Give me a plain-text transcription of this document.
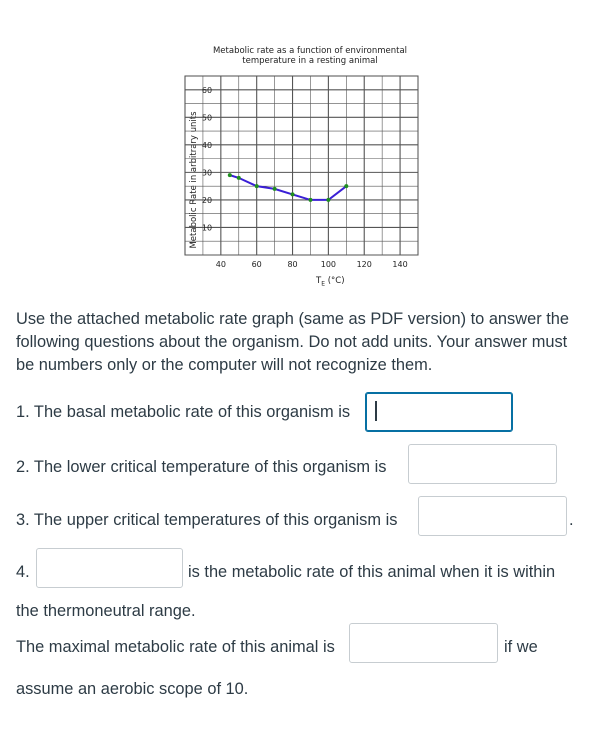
Metabolic rate as a function of environmental
temperature in a resting animal
Metabolic Rate in arbitrary units
$T_E$ (°C)
60
50
40
30
20
10
40	60	80	100	120	140
Use the attached metabolic rate graph (same as PDF version) to answer the following questions about the organism. Do not add units. Your answer must be numbers only or the computer will not recognize them.
1. The basal metabolic rate of this organism is
2. The lower critical temperature of this organism is
3. The upper critical temperatures of this organism is	.
4.	is the metabolic rate of this animal when it is within
the thermoneutral range.
The maximal metabolic rate of this animal is	if we
assume an aerobic scope of 10.
